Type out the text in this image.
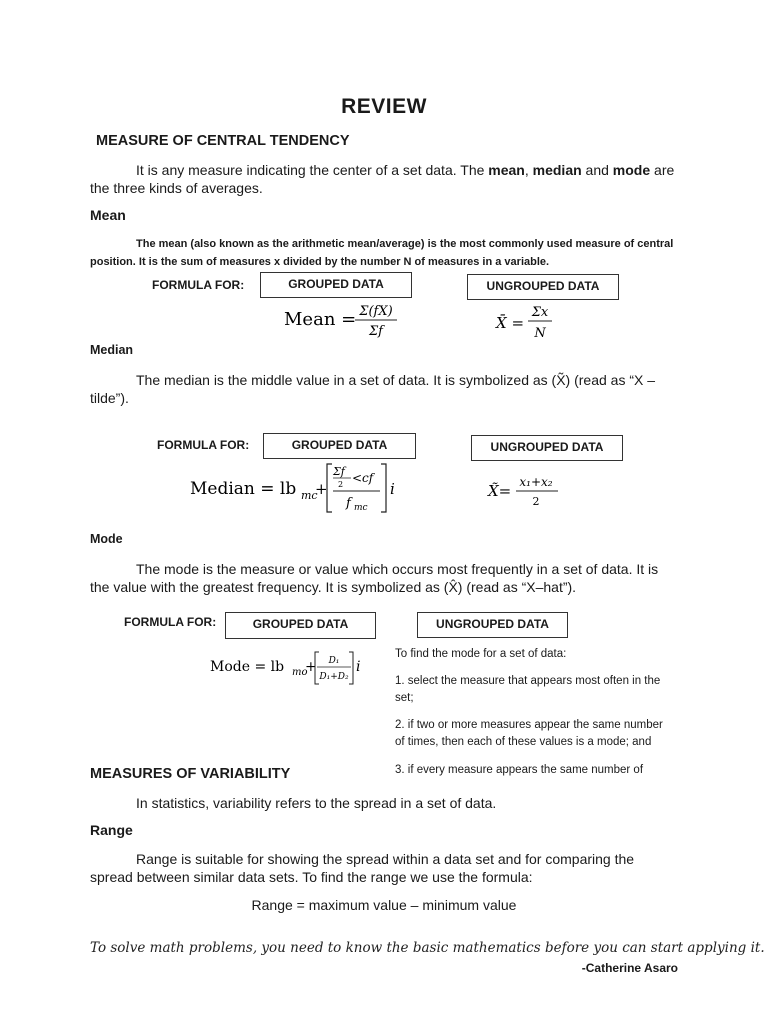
REVIEW
MEASURE OF CENTRAL TENDENCY
It is any measure indicating the center of a set data. The mean, median and mode are the three kinds of averages.
Mean
The mean (also known as the arithmetic mean/average) is the most commonly used measure of central position. It is the sum of measures x divided by the number N of measures in a variable.
FORMULA FOR:	GROUPED DATA	UNGROUPED DATA
Mean = Σ(fX)
Σf	X̄ =
Σx
N
Median
The median is the middle value in a set of data. It is symbolized as (X̃) (read as “X – tilde”).
FORMULA FOR:	GROUPED DATA	UNGROUPED DATA
Median = lb mc
+
Σf
2 <cf
f mc
i	X̃= x₁+x₂
2
Mode
The mode is the measure or value which occurs most frequently in a set of data. It is the value with the greatest frequency. It is symbolized as (X̂) (read as “X–hat”).
FORMULA FOR:	GROUPED DATA	UNGROUPED DATA
Mode = lb mo
+ D₁
D₁+D₂
i
To find the mode for a set of data:
1. select the measure that appears most often in the set;
2. if two or more measures appear the same number of times, then each of these values is a mode; and
3. if every measure appears the same number of
MEASURES OF VARIABILITY
In statistics, variability refers to the spread in a set of data.
Range
Range is suitable for showing the spread within a data set and for comparing the spread between similar data sets. To find the range we use the formula:
Range = maximum value – minimum value
To solve math problems, you need to know the basic mathematics before you can start applying it.
-Catherine Asaro
